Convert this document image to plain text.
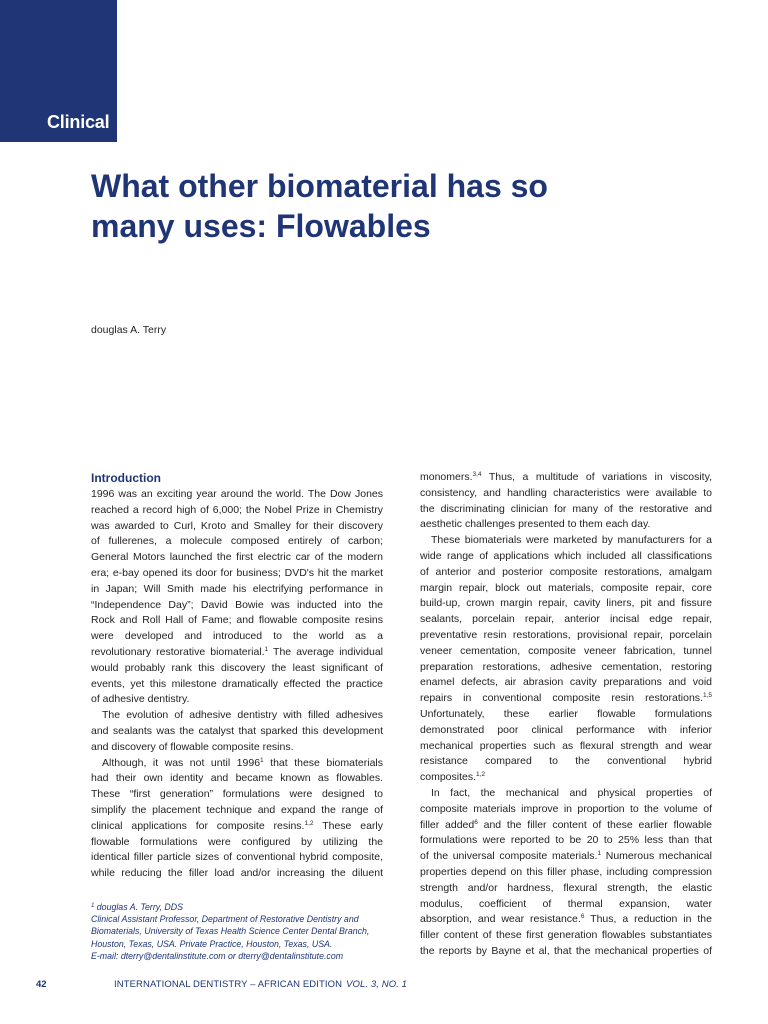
Clinical
What other biomaterial has so
many uses: Flowables
douglas A. Terry
Introduction
1996 was an exciting year around the world. The Dow Jones
reached a record high of 6,000; the Nobel Prize in Chemistry
was awarded to Curl, Kroto and Smalley for their discovery
of fullerenes, a molecule composed entirely of carbon;
General Motors launched the first electric car of the modern
era; e-bay opened its door for business; DVD's hit the market
in Japan; Will Smith made his electrifying performance in
“Independence Day”; David Bowie was inducted into the
Rock and Roll Hall of Fame; and flowable composite resins
were developed and introduced to the world as a
revolutionary restorative biomaterial.$^1$ The average individual
would probably rank this discovery the least significant of
events, yet this milestone dramatically effected the practice
of adhesive dentistry.
The evolution of adhesive dentistry with filled adhesives
and sealants was the catalyst that sparked this development
and discovery of flowable composite resins.
Although, it was not until 1996$^1$ that these biomaterials
had their own identity and became known as flowables.
These “first generation” formulations were designed to
simplify the placement technique and expand the range of
clinical applications for composite resins.$^{1,2}$ These early
flowable formulations were configured by utilizing the
identical filler particle sizes of conventional hybrid composite,
while reducing the filler load and/or increasing the diluent
monomers.$^{3,4}$ Thus, a multitude of variations in viscosity,
consistency, and handling characteristics were available to
the discriminating clinician for many of the restorative and
aesthetic challenges presented to them each day.
These biomaterials were marketed by manufacturers for a
wide range of applications which included all classifications
of anterior and posterior composite restorations, amalgam
margin repair, block out materials, composite repair, core
build-up, crown margin repair, cavity liners, pit and fissure
sealants, porcelain repair, anterior incisal edge repair,
preventative resin restorations, provisional repair, porcelain
veneer cementation, composite veneer fabrication, tunnel
preparation restorations, adhesive cementation, restoring
enamel defects, air abrasion cavity preparations and void
repairs in conventional composite resin restorations.$^{1,5}$
Unfortunately, these earlier flowable formulations
demonstrated poor clinical performance with inferior
mechanical properties such as flexural strength and wear
resistance compared to the conventional hybrid
composites.$^{1,2}$
In fact, the mechanical and physical properties of
composite materials improve in proportion to the volume of
filler added$^6$ and the filler content of these earlier flowable
formulations were reported to be 20 to 25% less than that
of the universal composite materials.$^1$ Numerous mechanical
properties depend on this filler phase, including compression
strength and/or hardness, flexural strength, the elastic
modulus, coefficient of thermal expansion, water
absorption, and wear resistance.$^6$ Thus, a reduction in the
filler content of these first generation flowables substantiates
the reports by Bayne et al, that the mechanical properties of
$^1$ douglas A. Terry, DDS
Clinical Assistant Professor, Department of Restorative Dentistry and
Biomaterials, University of Texas Health Science Center Dental Branch,
Houston, Texas, USA. Private Practice, Houston, Texas, USA.
E-mail: dterry@dentalinstitute.com or dterry@dentalinstitute.com
42	INTERNATIONAL DENTISTRY – AFRICAN EDITION VOL. 3, NO. 1
